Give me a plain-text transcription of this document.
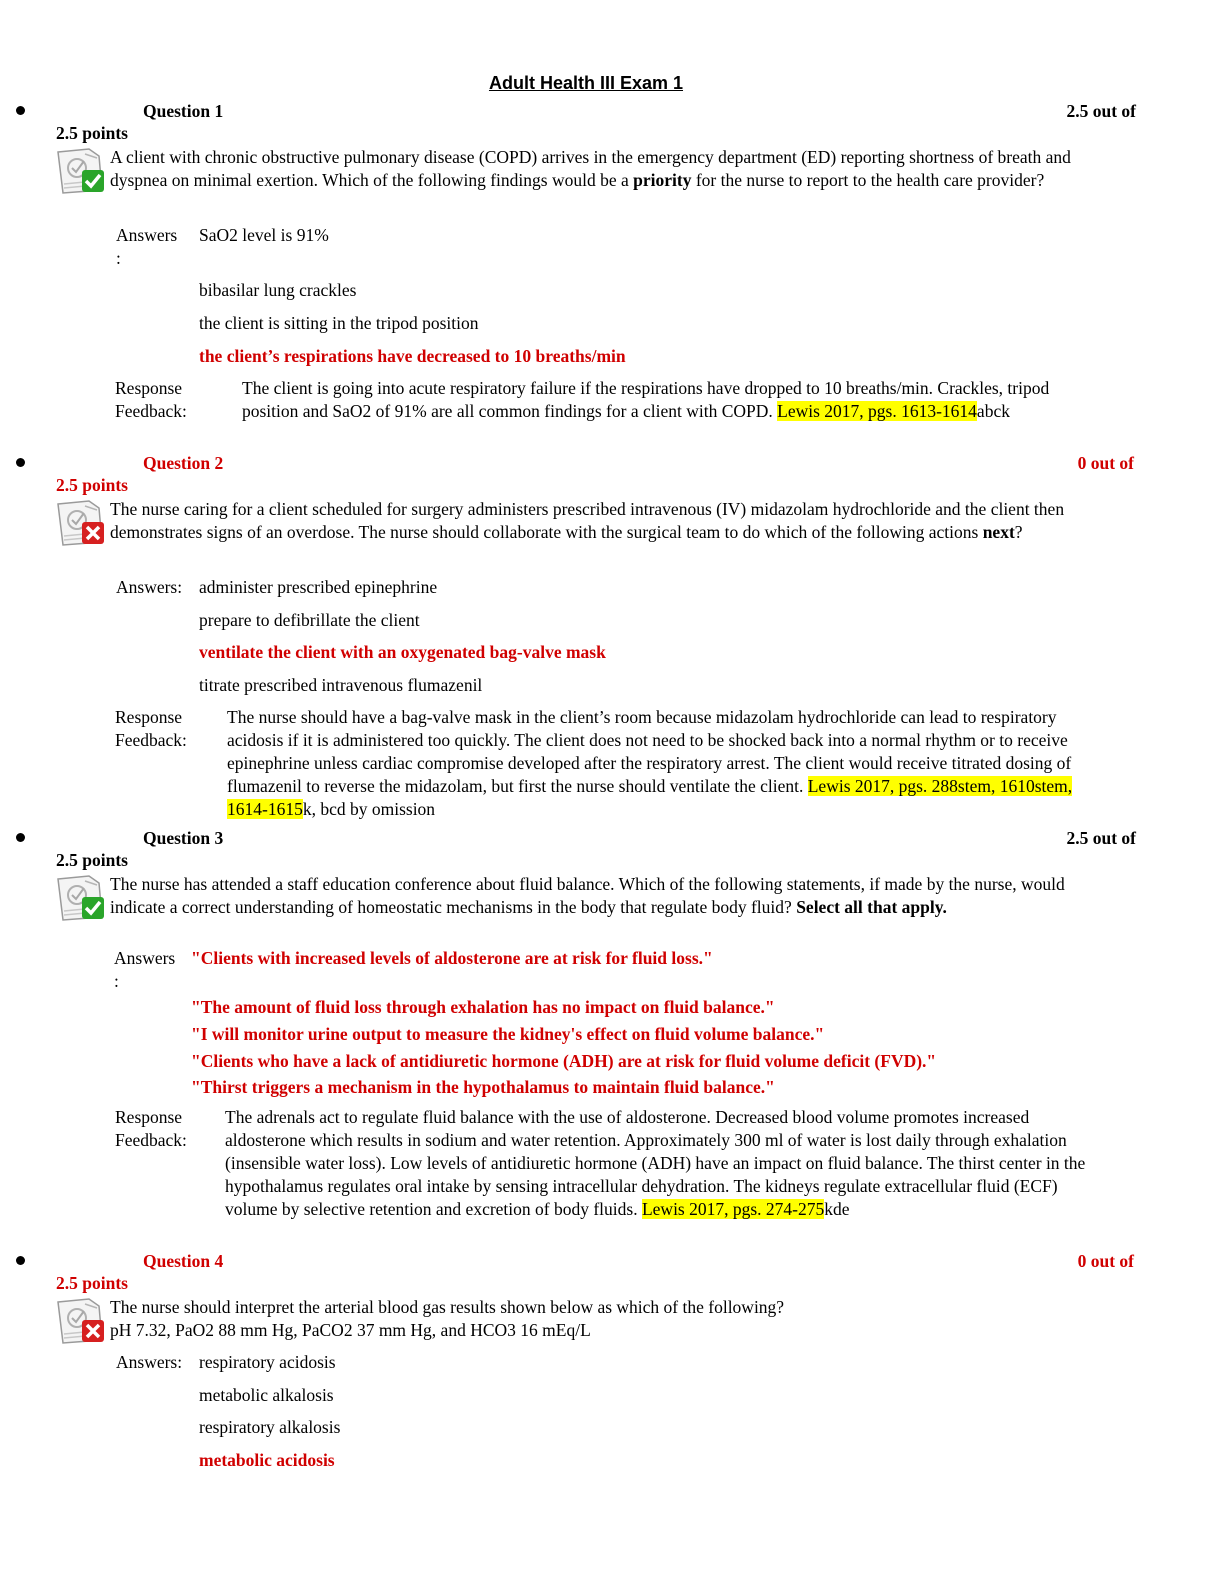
Adult Health III Exam 1
Question 1	2.5 out of
2.5 points
A client with chronic obstructive pulmonary disease (COPD) arrives in the emergency department (ED) reporting shortness of breath and dyspnea on minimal exertion. Which of the following findings would be a priority for the nurse to report to the health care provider?
Answers
:
SaO2 level is 91%
bibasilar lung crackles
the client is sitting in the tripod position
the client’s respirations have decreased to 10 breaths/min
Response
Feedback:
The client is going into acute respiratory failure if the respirations have dropped to 10 breaths/min. Crackles, tripod position and SaO2 of 91% are all common findings for a client with COPD. Lewis 2017, pgs. 1613-1614abck
Question 2	0 out of
2.5 points
The nurse caring for a client scheduled for surgery administers prescribed intravenous (IV) midazolam hydrochloride and the client then demonstrates signs of an overdose. The nurse should collaborate with the surgical team to do which of the following actions next?
Answers: administer prescribed epinephrine
prepare to defibrillate the client
ventilate the client with an oxygenated bag-valve mask
titrate prescribed intravenous flumazenil
Response
Feedback:
The nurse should have a bag-valve mask in the client’s room because midazolam hydrochloride can lead to respiratory acidosis if it is administered too quickly. The client does not need to be shocked back into a normal rhythm or to receive epinephrine unless cardiac compromise developed after the respiratory arrest. The client would receive titrated dosing of flumazenil to reverse the midazolam, but first the nurse should ventilate the client. Lewis 2017, pgs. 288stem, 1610stem, 1614-1615k, bcd by omission
Question 3	2.5 out of
2.5 points
The nurse has attended a staff education conference about fluid balance. Which of the following statements, if made by the nurse, would indicate a correct understanding of homeostatic mechanisms in the body that regulate body fluid? Select all that apply.
Answers
:
"Clients with increased levels of aldosterone are at risk for fluid loss."
"The amount of fluid loss through exhalation has no impact on fluid balance."
"I will monitor urine output to measure the kidney's effect on fluid volume balance."
"Clients who have a lack of antidiuretic hormone (ADH) are at risk for fluid volume deficit (FVD)."
"Thirst triggers a mechanism in the hypothalamus to maintain fluid balance."
Response
Feedback:
The adrenals act to regulate fluid balance with the use of aldosterone. Decreased blood volume promotes increased aldosterone which results in sodium and water retention. Approximately 300 ml of water is lost daily through exhalation (insensible water loss). Low levels of antidiuretic hormone (ADH) have an impact on fluid balance. The thirst center in the hypothalamus regulates oral intake by sensing intracellular dehydration. The kidneys regulate extracellular fluid (ECF) volume by selective retention and excretion of body fluids. Lewis 2017, pgs. 274-275kde
Question 4	0 out of
2.5 points
The nurse should interpret the arterial blood gas results shown below as which of the following?
pH 7.32, PaO2 88 mm Hg, PaCO2 37 mm Hg, and HCO3 16 mEq/L
Answers: respiratory acidosis
metabolic alkalosis
respiratory alkalosis
metabolic acidosis
